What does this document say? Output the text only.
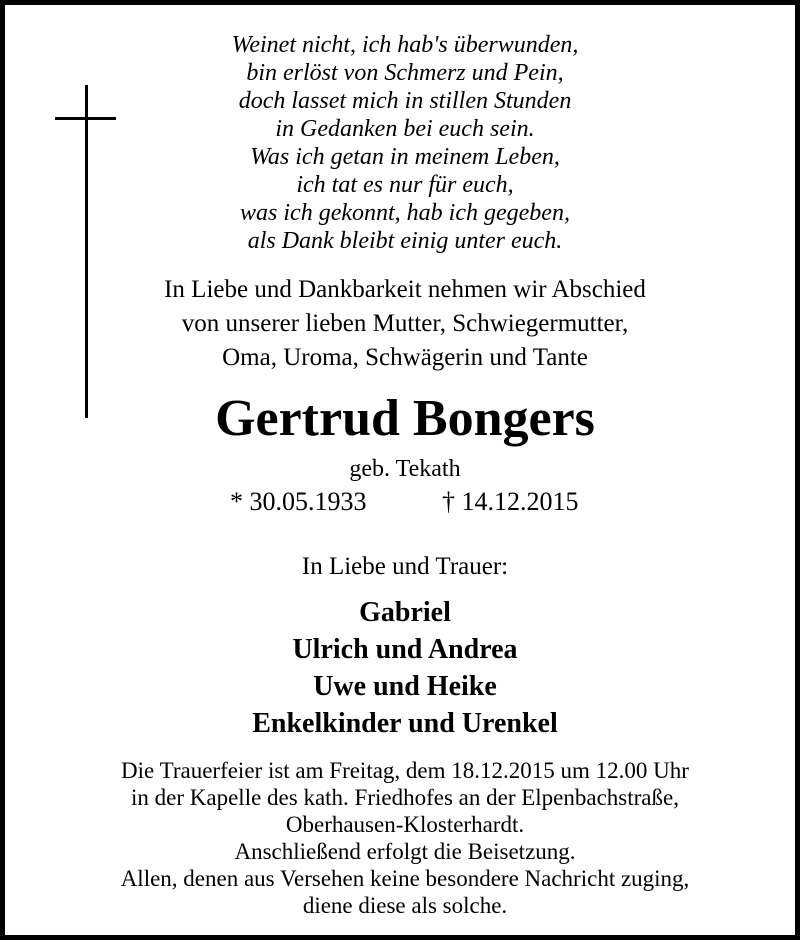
Weinet nicht, ich hab's überwunden,
bin erlöst von Schmerz und Pein,
doch lasset mich in stillen Stunden
in Gedanken bei euch sein.
Was ich getan in meinem Leben,
ich tat es nur für euch,
was ich gekonnt, hab ich gegeben,
als Dank bleibt einig unter euch.
In Liebe und Dankbarkeit nehmen wir Abschied
von unserer lieben Mutter, Schwiegermutter,
Oma, Uroma, Schwägerin und Tante
Gertrud Bongers
geb. Tekath
* 30.05.1933	† 14.12.2015
In Liebe und Trauer:
Gabriel
Ulrich und Andrea
Uwe und Heike
Enkelkinder und Urenkel
Die Trauerfeier ist am Freitag, dem 18.12.2015 um 12.00 Uhr
in der Kapelle des kath. Friedhofes an der Elpenbachstraße,
Oberhausen-Klosterhardt.
Anschließend erfolgt die Beisetzung.
Allen, denen aus Versehen keine besondere Nachricht zuging,
diene diese als solche.
